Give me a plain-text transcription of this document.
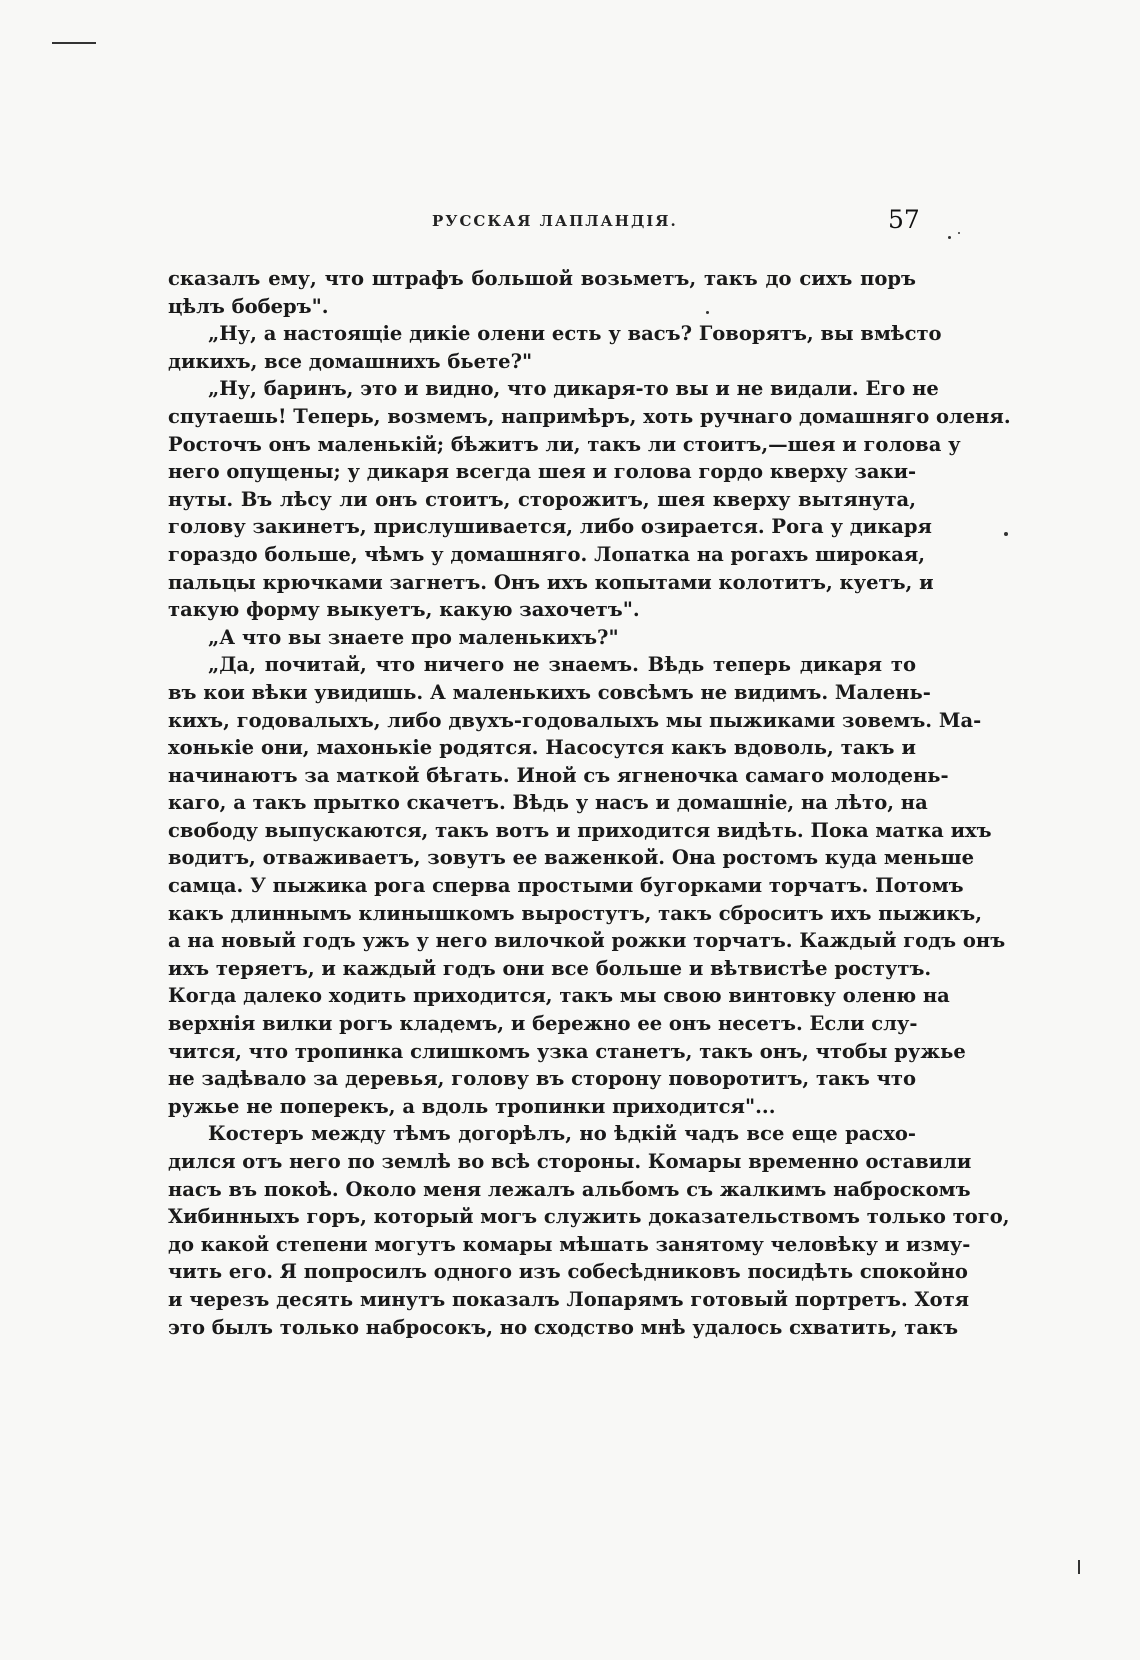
РУССКАЯ ЛАПЛАНДІЯ.	57
сказалъ ему, что штрафъ большой возьметъ, такъ до сихъ поръ
цѣлъ боберъ".
„Ну, а настоящіе дикіе олени есть у васъ? Говорятъ, вы вмѣсто
дикихъ, все домашнихъ бьете?"
„Ну, баринъ, это и видно, что дикаря-то вы и не видали. Его не
спутаешь! Теперь, возмемъ, напримѣръ, хоть ручнаго домашняго оленя.
Росточъ онъ маленькій; бѣжитъ ли, такъ ли стоитъ,—шея и голова у
него опущены; у дикаря всегда шея и голова гордо кверху заки-
нуты. Въ лѣсу ли онъ стоитъ, сторожитъ, шея кверху вытянута,
голову закинетъ, прислушивается, либо озирается. Рога у дикаря
гораздо больше, чѣмъ у домашняго. Лопатка на рогахъ широкая,
пальцы крючками загнетъ. Онъ ихъ копытами колотитъ, куетъ, и
такую форму выкуетъ, какую захочетъ".
„А что вы знаете про маленькихъ?"
„Да, почитай, что ничего не знаемъ. Вѣдь теперь дикаря то
въ кои вѣки увидишь. А маленькихъ совсѣмъ не видимъ. Малень-
кихъ, годовалыхъ, либо двухъ-годовалыхъ мы пыжиками зовемъ. Ма-
хонькіе они, махонькіе родятся. Насосутся какъ вдоволь, такъ и
начинаютъ за маткой бѣгать. Иной съ ягненочка самаго молодень-
каго, а такъ прытко скачетъ. Вѣдь у насъ и домашніе, на лѣто, на
свободу выпускаются, такъ вотъ и приходится видѣть. Пока матка ихъ
водитъ, отваживаетъ, зовутъ ее важенкой. Она ростомъ куда меньше
самца. У пыжика рога сперва простыми бугорками торчатъ. Потомъ
какъ длиннымъ клинышкомъ выростутъ, такъ сброситъ ихъ пыжикъ,
а на новый годъ ужъ у него вилочкой рожки торчатъ. Каждый годъ онъ
ихъ теряетъ, и каждый годъ они все больше и вѣтвистѣе ростутъ.
Когда далеко ходить приходится, такъ мы свою винтовку оленю на
верхнія вилки рогъ кладемъ, и бережно ее онъ несетъ. Если слу-
чится, что тропинка слишкомъ узка станетъ, такъ онъ, чтобы ружье
не задѣвало за деревья, голову въ сторону поворотитъ, такъ что
ружье не поперекъ, а вдоль тропинки приходится"...
Костеръ между тѣмъ догорѣлъ, но ѣдкій чадъ все еще расхо-
дился отъ него по землѣ во всѣ стороны. Комары временно оставили
насъ въ покоѣ. Около меня лежалъ альбомъ съ жалкимъ наброскомъ
Хибинныхъ горъ, который могъ служить доказательствомъ только того,
до какой степени могутъ комары мѣшать занятому человѣку и изму-
чить его. Я попросилъ одного изъ собесѣдниковъ посидѣть спокойно
и черезъ десять минутъ показалъ Лопарямъ готовый портретъ. Хотя
это былъ только набросокъ, но сходство мнѣ удалось схватить, такъ
